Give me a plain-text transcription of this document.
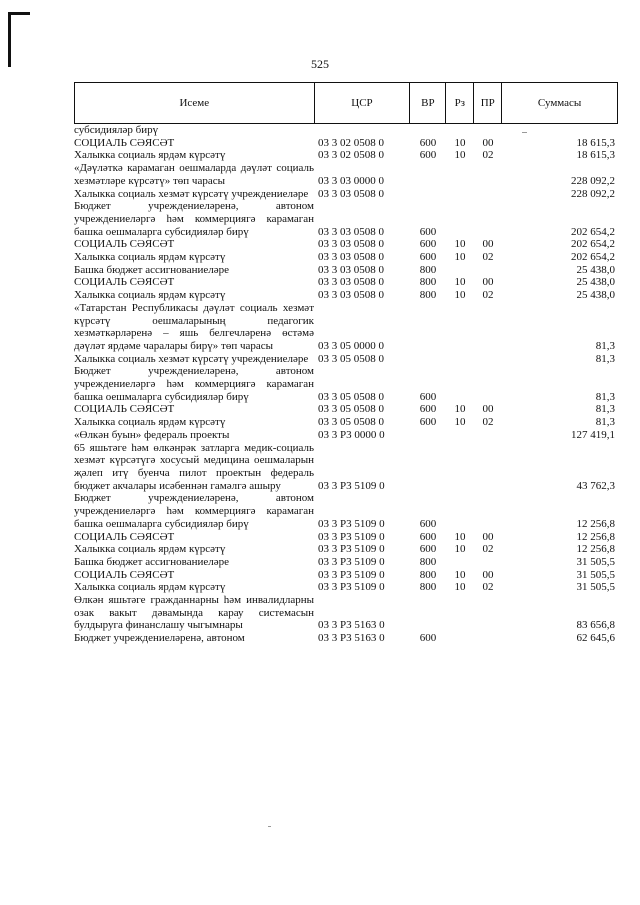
525
Исеме	ЦСР	ВР	Рз	ПР	Суммасы
субсидияләр бирү
СОЦИАЛЬ СӘЯСӘТ	03 3 02 0508 0	600	10	00	18 615,3
Халыкка социаль ярдәм күрсәтү	03 3 02 0508 0	600	10	02	18 615,3
«Дәүләткә карамаган оешмаларда дәүләт социаль хезмәтләре күрсәтү» төп чарасы	03 3 03 0000 0	228 092,2
Халыкка социаль хезмәт күрсәтү учреждениеләре 03 3 03 0508 0	228 092,2
Бюджет учреждениеләренә, автоном учреждениеләргә һәм коммерциягә карамаган башка оешмаларга субсидияләр бирү	03 3 03 0508 0	600	202 654,2
СОЦИАЛЬ СӘЯСӘТ	03 3 03 0508 0	600	10	00	202 654,2
Халыкка социаль ярдәм күрсәтү	03 3 03 0508 0	600	10	02	202 654,2
Башка бюджет ассигнованиеләре	03 3 03 0508 0	800	25 438,0
СОЦИАЛЬ СӘЯСӘТ	03 3 03 0508 0	800	10	00	25 438,0
Халыкка социаль ярдәм күрсәтү	03 3 03 0508 0	800	10	02	25 438,0
«Татарстан Республикасы дәүләт социаль хезмәт күрсәтү оешмаларының педагогик хезмәткәрләренә – яшь белгечләренә өстәмә дәүләт ярдәме чаралары бирү» төп чарасы	03 3 05 0000 0	81,3
Халыкка социаль хезмәт күрсәтү учреждениеләре 03 3 05 0508 0	81,3
Бюджет учреждениеләренә, автоном учреждениеләргә һәм коммерциягә карамаган башка оешмаларга субсидияләр бирү	03 3 05 0508 0	600	81,3
СОЦИАЛЬ СӘЯСӘТ	03 3 05 0508 0	600	10	00	81,3
Халыкка социаль ярдәм күрсәтү	03 3 05 0508 0	600	10	02	81,3
«Өлкән буын» федераль проекты	03 3 P3 0000 0	127 419,1
65 яшьтәге һәм өлкәнрәк затларга медик-социаль хезмәт күрсәтүгә хосусый медицина оешмаларын җәлеп итү буенча пилот проектын федераль бюджет акчалары исәбеннән гамәлгә ашыру	03 3 P3 5109 0	43 762,3
Бюджет учреждениеләренә, автоном учреждениеләргә һәм коммерциягә карамаган башка оешмаларга субсидияләр бирү	03 3 P3 5109 0	600	12 256,8
СОЦИАЛЬ СӘЯСӘТ	03 3 P3 5109 0	600	10	00	12 256,8
Халыкка социаль ярдәм күрсәтү	03 3 P3 5109 0	600	10	02	12 256,8
Башка бюджет ассигнованиеләре	03 3 P3 5109 0	800	31 505,5
СОЦИАЛЬ СӘЯСӘТ	03 3 P3 5109 0	800	10	00	31 505,5
Халыкка социаль ярдәм күрсәтү	03 3 P3 5109 0	800	10	02	31 505,5
Өлкән яшьтәге гражданнарны һәм инвалидларны озак вакыт дәвамында карау системасын булдыруга финанслашу чыгымнары	03 3 P3 5163 0	83 656,8
Бюджет учреждениеләренә, автоном	03 3 P3 5163 0	600	62 645,6
